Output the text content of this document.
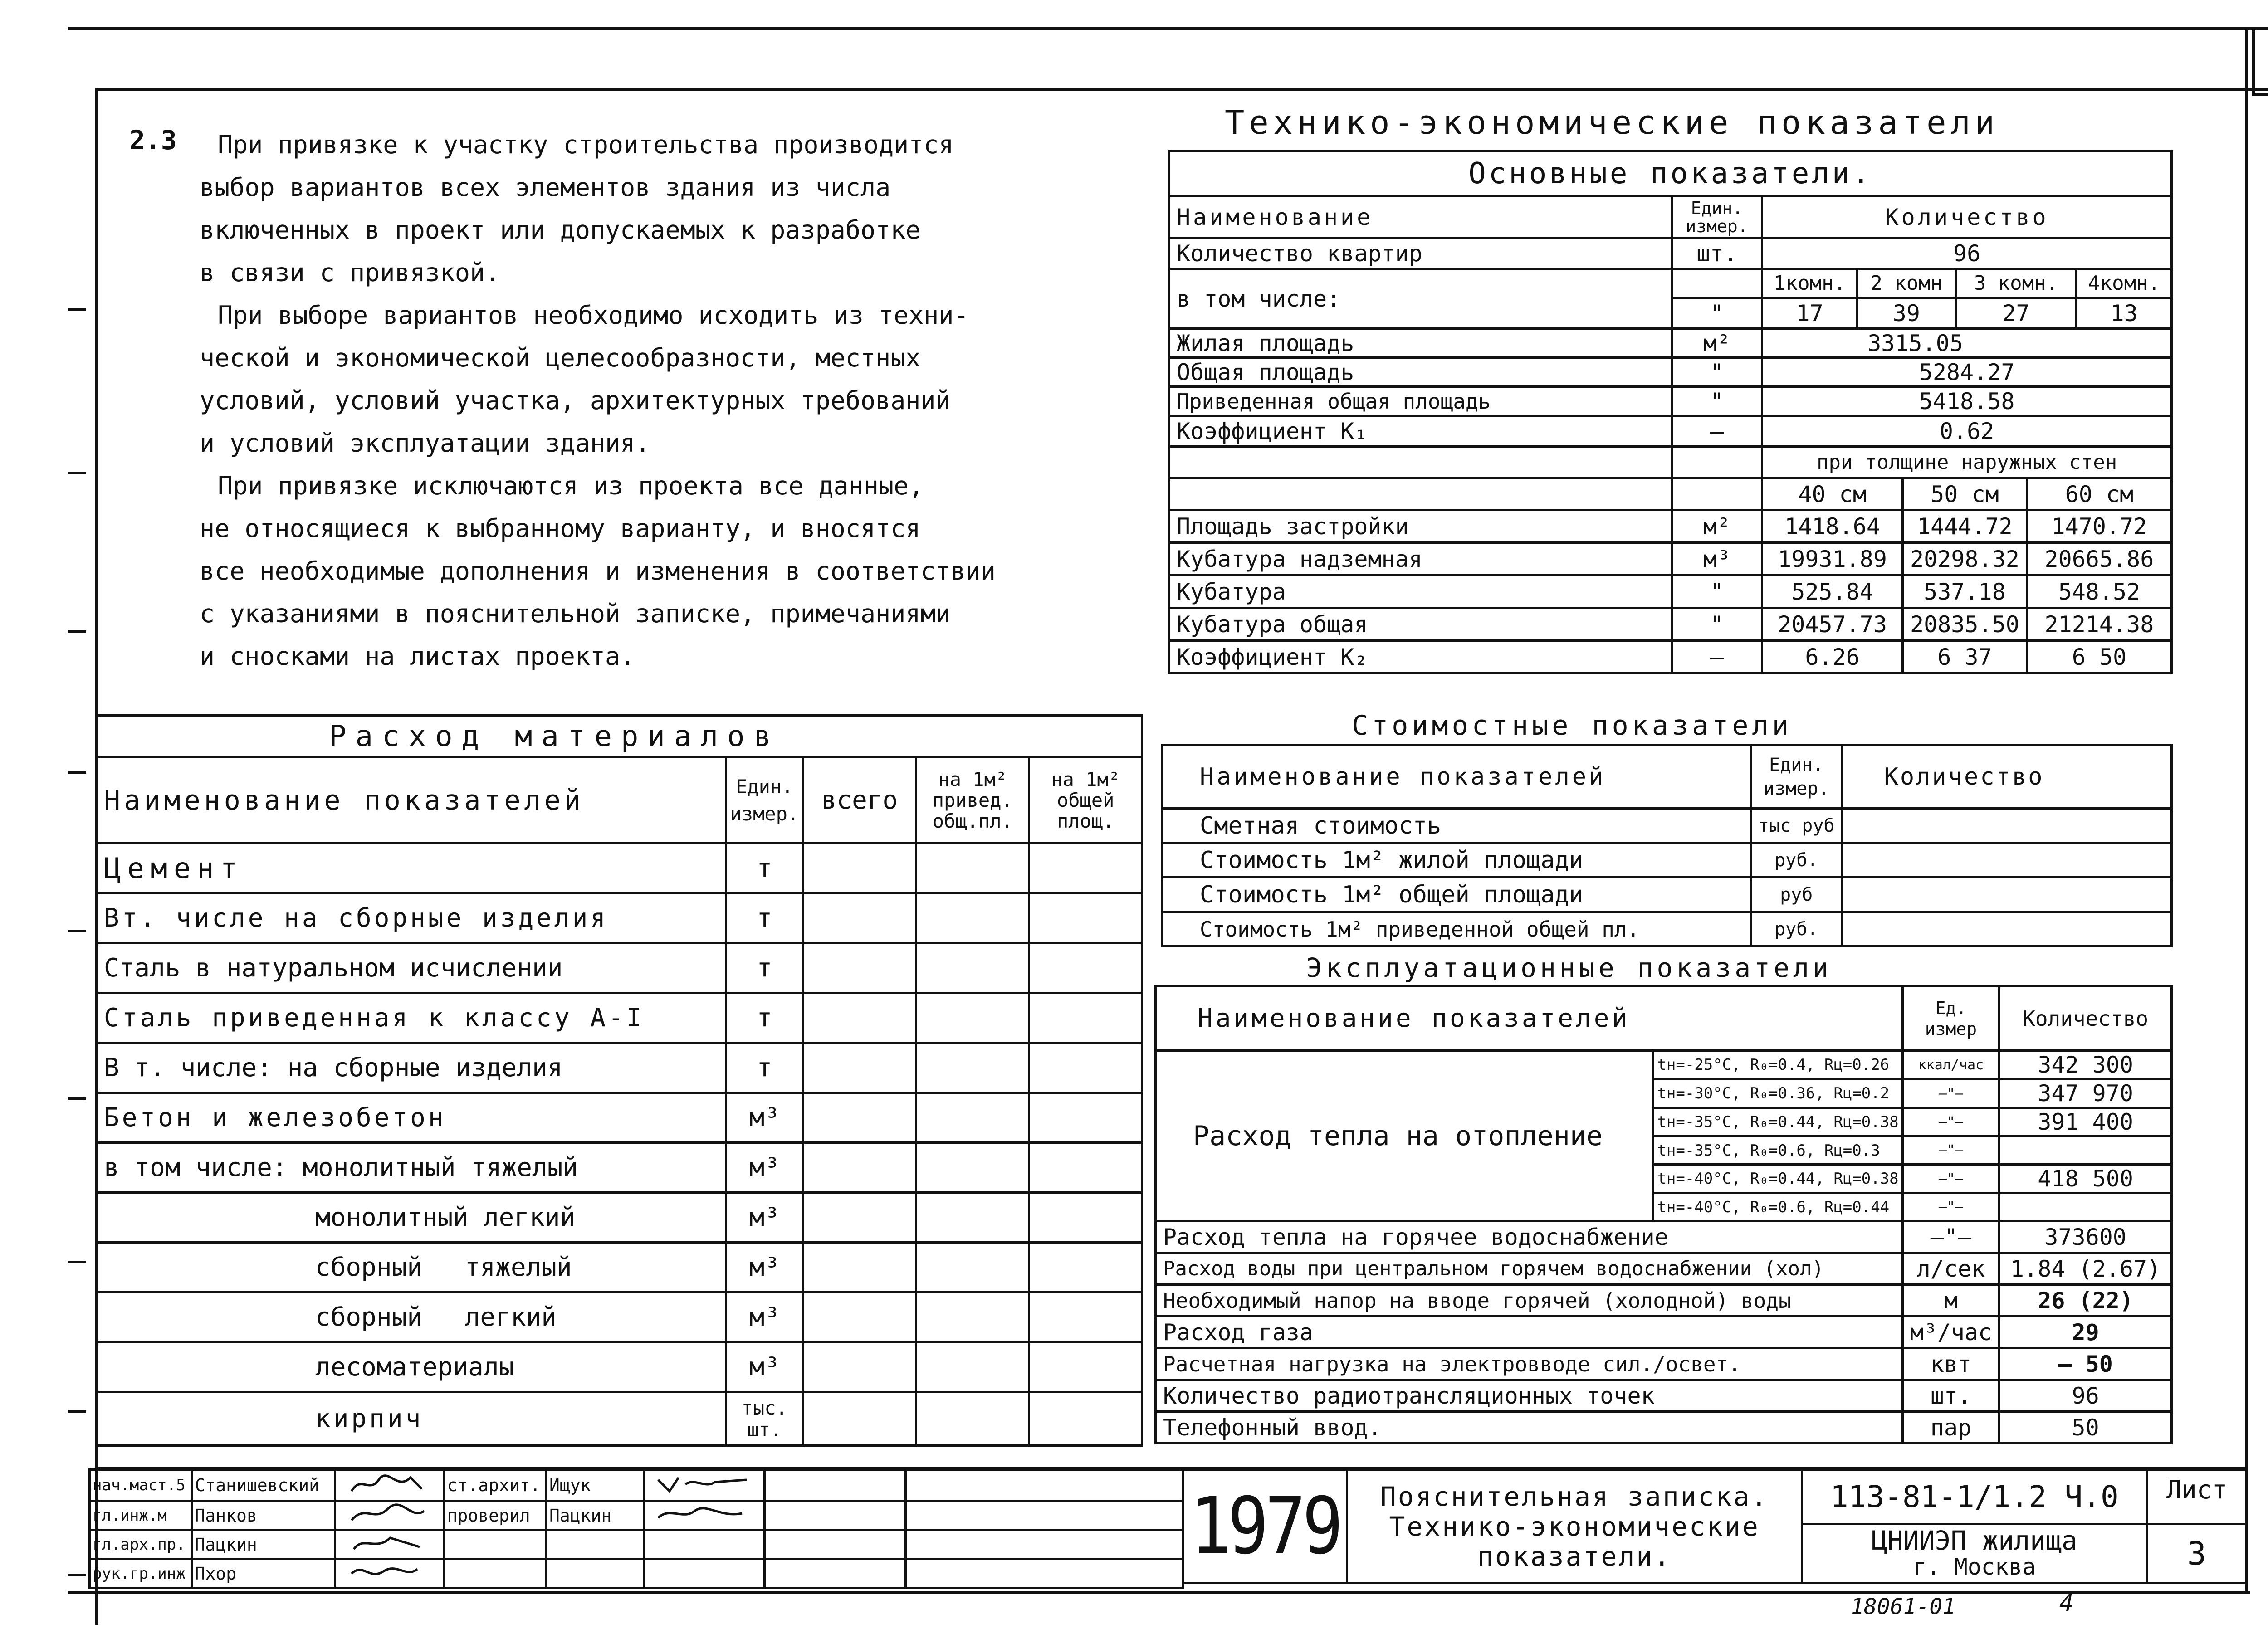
2.3 При привязке к участку строительства производится
выбор вариантов всех элементов здания из числа
включенных в проект или допускаемых к разработке
в связи с привязкой.
При выборе вариантов необходимо исходить из техни-
ческой и экономической целесообразности, местных
условий, условий участка, архитектурных требований
и условий эксплуатации здания.
При привязке исключаются из проекта все данные,
не относящиеся к выбранному варианту, и вносятся
все необходимые дополнения и изменения в соответствии
с указаниями в пояснительной записке, примечаниями
и сносками на листах проекта.
Технико-экономические показатели
Основные показатели.							
Наименование	Един. измер.	Количество					
Количество квартир	шт.	96					
в том числе:		1комн.	2 комн		3 комн.		4комн.
	"	17	39		27		13
Жилая площадь	м²	3315.05					
Общая площадь	"	5284.27					
Приведенная общая площадь	"	5418.58					
Коэффициент K₁	—	0.62					
		при толщине наружных стен					
		40 см		50 см		60 см	
Площадь застройки	м²	1418.64		1444.72		1470.72	
Кубатура надземная	м³	19931.89		20298.32		20665.86	
Кубатура	"	525.84		537.18		548.52	
Кубатура общая	"	20457.73		20835.50		21214.38	
Коэффициент K₂	—	6.26		6 37		6 50	
Стоимостные показатели
Наименование показателей	Един. измер.	Количество
Сметная стоимость	тыс руб	
Стоимость 1м² жилой площади	руб.	
Стоимость 1м² общей площади	руб	
Стоимость 1м² приведенной общей пл.	руб.	
Эксплуатационные показатели
Наименование показателей		Ед. измер	Количество
Расход тепла на отопление	tн=-25°C, R₀=0.4, Rц=0.26	ккал/час	342 300
	tн=-30°C, R₀=0.36, Rц=0.2	—"—	347 970
	tн=-35°C, R₀=0.44, Rц=0.38	—"—	391 400
	tн=-35°C, R₀=0.6, Rц=0.3	—"—	
	tн=-40°C, R₀=0.44, Rц=0.38	—"—	418 500
	tн=-40°C, R₀=0.6, Rц=0.44	—"—	
Расход тепла на горячее водоснабжение		—"—	373600
Расход воды при центральном горячем водоснабжении (хол)		л/сек	1.84 (2.67)
Необходимый напор на вводе горячей (холодной) воды		м	26 (22)
Расход газа		м³/час	29
Расчетная нагрузка на электровводе сил./освет.		квт	— 50
Количество радиотрансляционных точек		шт.	96
Телефонный ввод.		пар	50
Расход материалов				
Наименование показателей	Един. измер.	всего	на 1м² привед. общ.пл.	на 1м² общей площ.
Цемент	т			
Вт. числе на сборные изделия	т			
Сталь в натуральном исчислении	т			
Сталь приведенная к классу А-I	т			
В т. числе: на сборные изделия	т			
Бетон и железобетон	м³			
в том числе: монолитный тяжелый	м³			
монолитный легкий	м³			
сборный тяжелый	м³			
сборный легкий	м³			
лесоматериалы	м³			
кирпич	тыс. шт.			
нач.маст.5	Станишевский		ст.архит.	Ищук			
гл.инж.м	Панков		проверил	Пацкин			
гл.арх.пр.	Пацкин						
рук.гр.инж	Пхор						
1979	Пояснительная записка. Технико-экономические показатели.	113-81-1/1.2 Ч.0	Лист

		ЦНИИЭП жилища
г. Москва	3
18061-01	4
